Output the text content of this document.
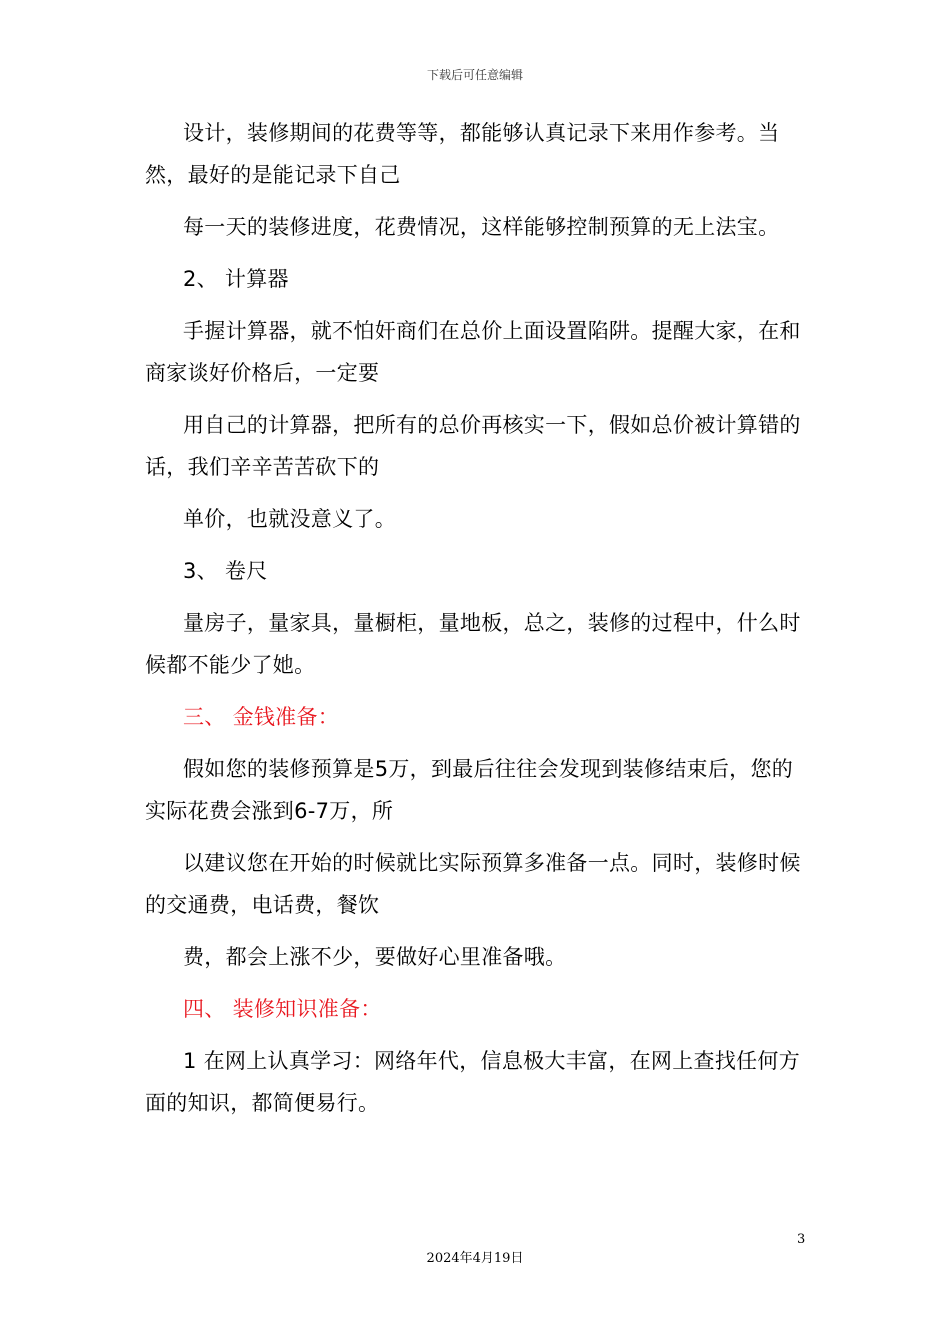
下载后可任意编辑

设计，装修期间的花费等等，都能够认真记录下来用作参考。当然，最好的是能记录下自己

每一天的装修进度，花费情况，这样能够控制预算的无上法宝。

2、 计算器

手握计算器，就不怕奸商们在总价上面设置陷阱。提醒大家，在和商家谈好价格后，一定要

用自己的计算器，把所有的总价再核实一下，假如总价被计算错的话，我们辛辛苦苦砍下的

单价，也就没意义了。

3、 卷尺

量房子，量家具，量橱柜，量地板，总之，装修的过程中，什么时候都不能少了她。

三、 金钱准备：

假如您的装修预算是5万，到最后往往会发现到装修结束后，您的实际花费会涨到6-7万，所

以建议您在开始的时候就比实际预算多准备一点。同时，装修时候的交通费，电话费，餐饮

费，都会上涨不少，要做好心里准备哦。

四、 装修知识准备：

1 在网上认真学习：网络年代，信息极大丰富，在网上查找任何方面的知识，都简便易行。

3
2024年4月19日
